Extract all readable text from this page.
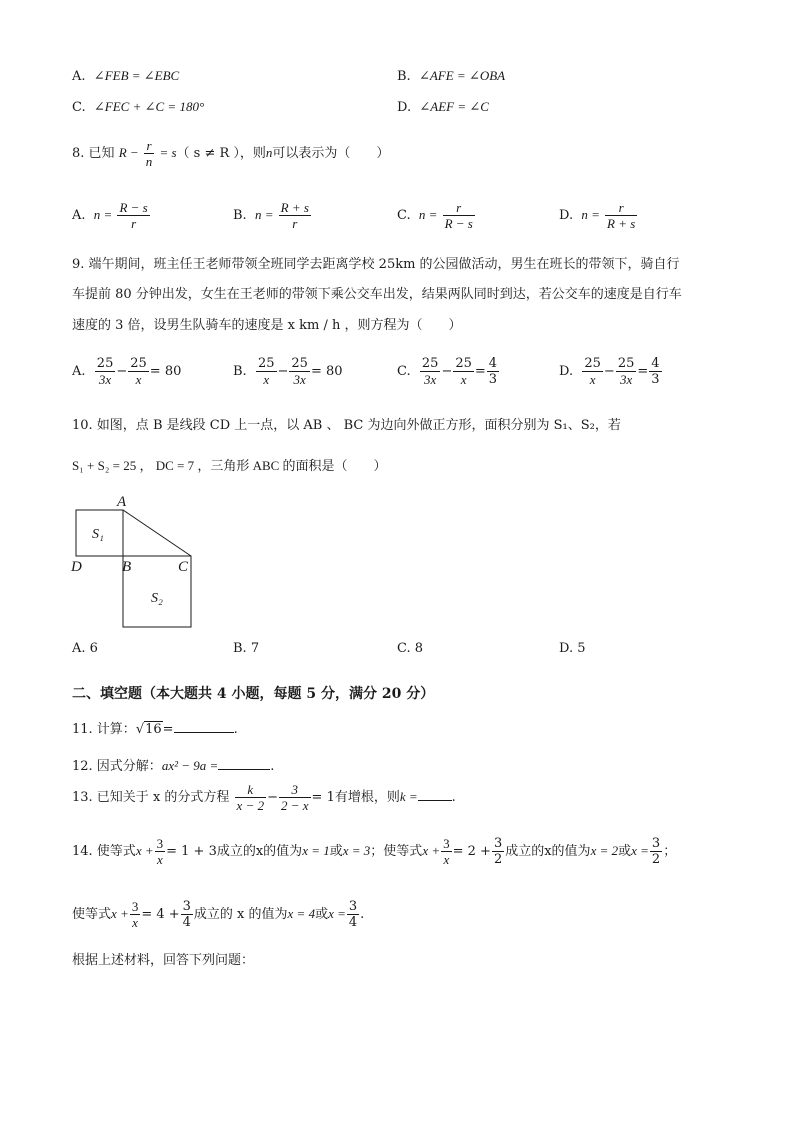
A. ∠FEB = ∠EBC	B. ∠AFE = ∠OBA
C. ∠FEC + ∠C = 180°	D. ∠AEF = ∠C
8. 已知 $R - \frac{r}{n} = s$（ s ≠ R ），则n可以表示为（　　）
A. $n = \frac{R - s}{r}$	B. $n = \frac{R + s}{r}$	C. $n = \frac{r}{R - s}$	D. $n = \frac{r}{R + s}$
9. 端午期间，班主任王老师带领全班同学去距离学校 25km 的公园做活动，男生在班长的带领下，骑自行
车提前 80 分钟出发，女生在王老师的带领下乘公交车出发，结果两队同时到达，若公交车的速度是自行车
速度的 3 倍，设男生队骑车的速度是 x km / h ，则方程为（　　）
A. $\frac{25}{3x} - \frac{25}{x} = 80$	B. $\frac{25}{x} - \frac{25}{3x} = 80$	C. $\frac{25}{3x} - \frac{25}{x} = \frac{4}{3}$	D. $\frac{25}{x} - \frac{25}{3x} = \frac{4}{3}$
10. 如图，点 B 是线段 CD 上一点，以 AB 、 BC 为边向外做正方形，面积分别为 S₁、S₂，若
S₁ + S₂ = 25 ， DC = 7 ，三角形 ABC 的面积是（　　）
A
D	B	C
S₁
S₂
A. 6	B. 7	C. 8	D. 5
二、填空题（本大题共 4 小题，每题 5 分，满分 20 分）
11. 计算：√16=	.
12. 因式分解：ax² − 9a =	.
13. 已知关于 x 的分式方程 $\frac{k}{x - 2} - \frac{3}{2 - x} = 1$有增根，则k =	.
14. 使等式$x + \frac{3}{x} = 1 + 3$成立的x的值为x = 1或x = 3；使等式$x + \frac{3}{x} = 2 + \frac{3}{2}$ 成立的x的值为x = 2或$x = \frac{3}{2}$ ；
使等式$x + \frac{3}{x} = 4 + \frac{3}{4}$ 成立的 x 的值为x = 4或$x = \frac{3}{4}$ .
根据上述材料，回答下列问题：
